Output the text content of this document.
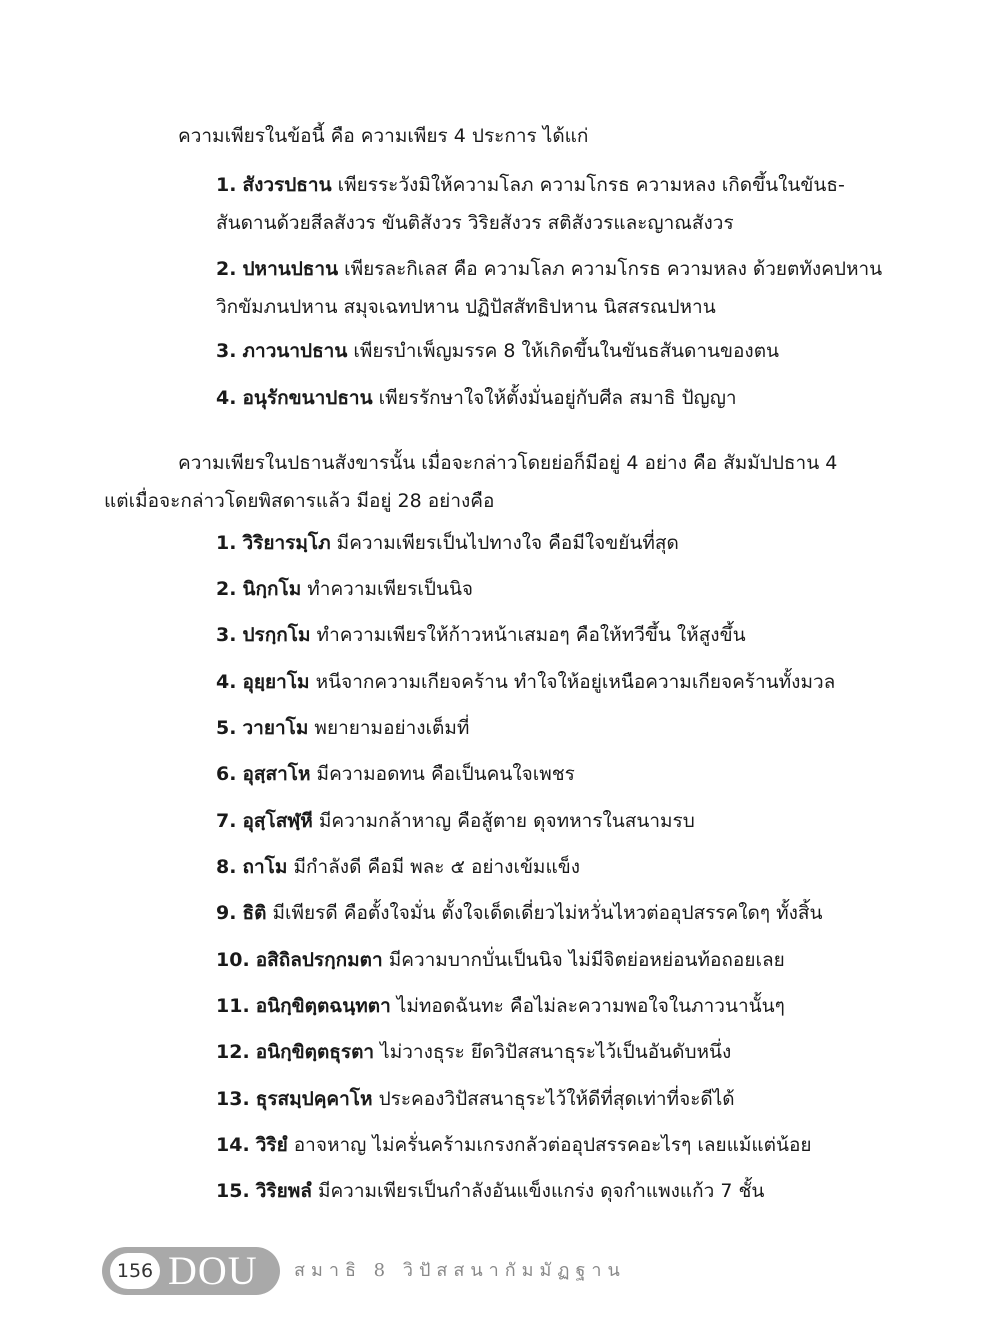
ความเพียรในข้อนี้ คือ ความเพียร 4 ประการ ได้แก่
1. สังวรปธาน เพียรระวังมิให้ความโลภ ความโกรธ ความหลง เกิดขึ้นในขันธ-สันดานด้วยสีลสังวร ขันติสังวร วิริยสังวร สติสังวรและญาณสังวร
2. ปหานปธาน เพียรละกิเลส คือ ความโลภ ความโกรธ ความหลง ด้วยตทังคปหาน วิกขัมภนปหาน สมุจเฉทปหาน ปฏิปัสสัทธิปหาน นิสสรณปหาน
3. ภาวนาปธาน เพียรบำเพ็ญมรรค 8 ให้เกิดขึ้นในขันธสันดานของตน
4. อนุรักขนาปธาน เพียรรักษาใจให้ตั้งมั่นอยู่กับศีล สมาธิ ปัญญา
ความเพียรในปธานสังขารนั้น เมื่อจะกล่าวโดยย่อก็มีอยู่ 4 อย่าง คือ สัมมัปปธาน 4
แต่เมื่อจะกล่าวโดยพิสดารแล้ว มีอยู่ 28 อย่างคือ
1. วิริยารมฺโภ มีความเพียรเป็นไปทางใจ คือมีใจขยันที่สุด
2. นิกฺกโม ทำความเพียรเป็นนิจ
3. ปรกฺกโม ทำความเพียรให้ก้าวหน้าเสมอๆ คือให้ทวีขึ้น ให้สูงขึ้น
4. อุยฺยาโม หนีจากความเกียจคร้าน ทำใจให้อยู่เหนือความเกียจคร้านทั้งมวล
5. วายาโม พยายามอย่างเต็มที่
6. อุสฺสาโห มีความอดทน คือเป็นคนใจเพชร
7. อุสฺโสฬฺหี มีความกล้าหาญ คือสู้ตาย ดุจทหารในสนามรบ
8. ถาโม มีกำลังดี คือมี พละ ๕ อย่างเข้มแข็ง
9. ธิติ มีเพียรดี คือตั้งใจมั่น ตั้งใจเด็ดเดี่ยวไม่หวั่นไหวต่ออุปสรรคใดๆ ทั้งสิ้น
10. อสิถิลปรกฺกมตา มีความบากบั่นเป็นนิจ ไม่มีจิตย่อหย่อนท้อถอยเลย
11. อนิกฺขิตฺตฉนฺทตา ไม่ทอดฉันทะ คือไม่ละความพอใจในภาวนานั้นๆ
12. อนิกฺขิตฺตธุรตา ไม่วางธุระ ยึดวิปัสสนาธุระไว้เป็นอันดับหนึ่ง
13. ธุรสมฺปคฺคาโห ประคองวิปัสสนาธุระไว้ให้ดีที่สุดเท่าที่จะดีได้
14. วิริยํ อาจหาญ ไม่ครั่นคร้ามเกรงกลัวต่ออุปสรรคอะไรๆ เลยแม้แต่น้อย
15. วิริยพลํ มีความเพียรเป็นกำลังอันแข็งแกร่ง ดุจกำแพงแก้ว 7 ชั้น
156 DOU สมาธิ 8 วิปัสสนากัมมัฏฐาน
